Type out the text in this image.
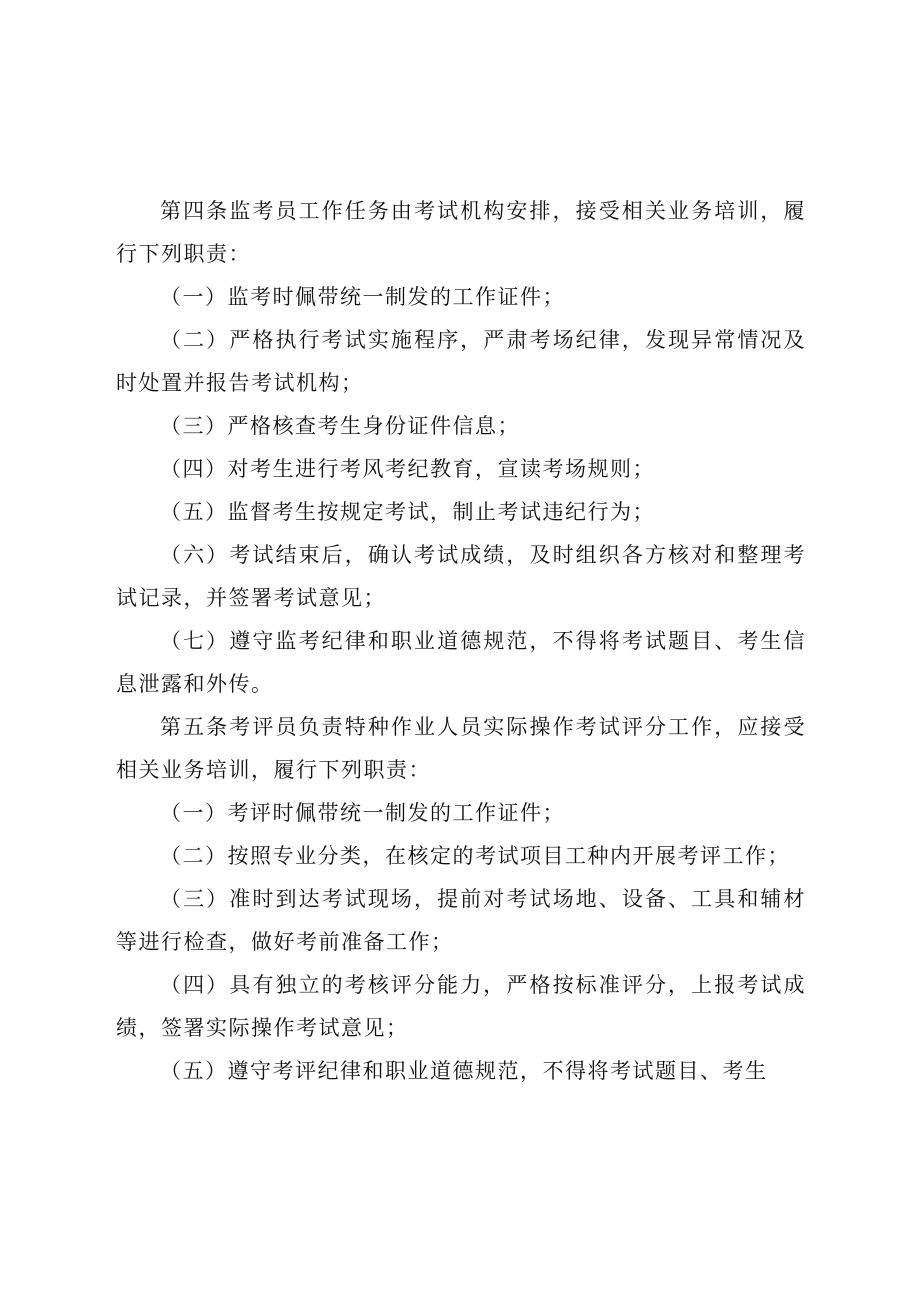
第四条监考员工作任务由考试机构安排，接受相关业务培训，履行下列职责：

（一）监考时佩带统一制发的工作证件；

（二）严格执行考试实施程序，严肃考场纪律，发现异常情况及时处置并报告考试机构；

（三）严格核查考生身份证件信息；

（四）对考生进行考风考纪教育，宣读考场规则；

（五）监督考生按规定考试，制止考试违纪行为；

（六）考试结束后，确认考试成绩，及时组织各方核对和整理考试记录，并签署考试意见；

（七）遵守监考纪律和职业道德规范，不得将考试题目、考生信息泄露和外传。

第五条考评员负责特种作业人员实际操作考试评分工作，应接受相关业务培训，履行下列职责：

（一）考评时佩带统一制发的工作证件；

（二）按照专业分类，在核定的考试项目工种内开展考评工作；

（三）准时到达考试现场，提前对考试场地、设备、工具和辅材等进行检查，做好考前准备工作；

（四）具有独立的考核评分能力，严格按标准评分，上报考试成绩，签署实际操作考试意见；

（五）遵守考评纪律和职业道德规范，不得将考试题目、考生
